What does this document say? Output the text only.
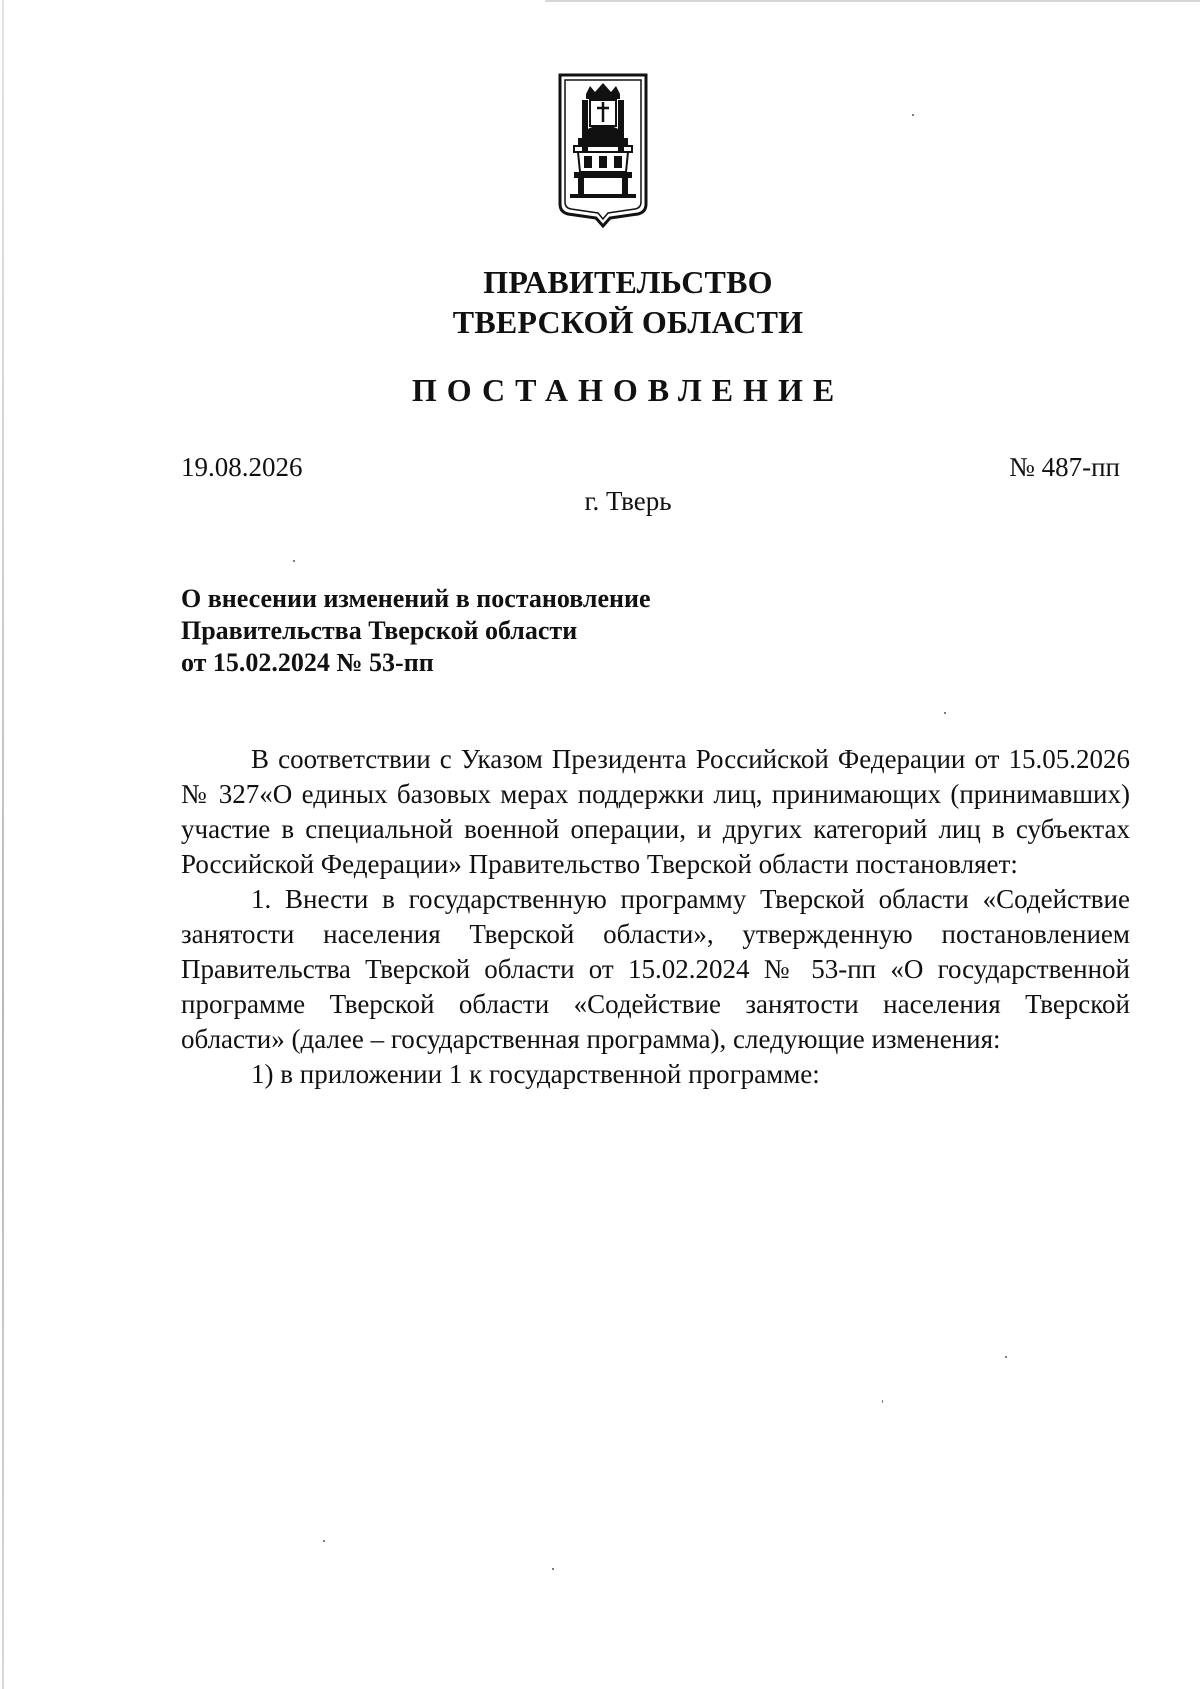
ПРАВИТЕЛЬСТВО
ТВЕРСКОЙ ОБЛАСТИ
ПОСТАНОВЛЕНИЕ
19.08.2026	№ 487-пп
г. Тверь
О внесении изменений в постановление
Правительства Тверской области
от 15.02.2024 № 53-пп

В соответствии с Указом Президента Российской Федерации от 15.05.2026 № 327«О единых базовых мерах поддержки лиц, принимающих (принимавших) участие в специальной военной операции, и других категорий лиц в субъектах Российской Федерации» Правительство Тверской области постановляет:

1. Внести в государственную программу Тверской области «Содействие занятости населения Тверской области», утвержденную постановлением Правительства Тверской области от 15.02.2024 № 53-пп «О государственной программе Тверской области «Содействие занятости населения Тверской области» (далее – государственная программа), следующие изменения:

1) в приложении 1 к государственной программе:
